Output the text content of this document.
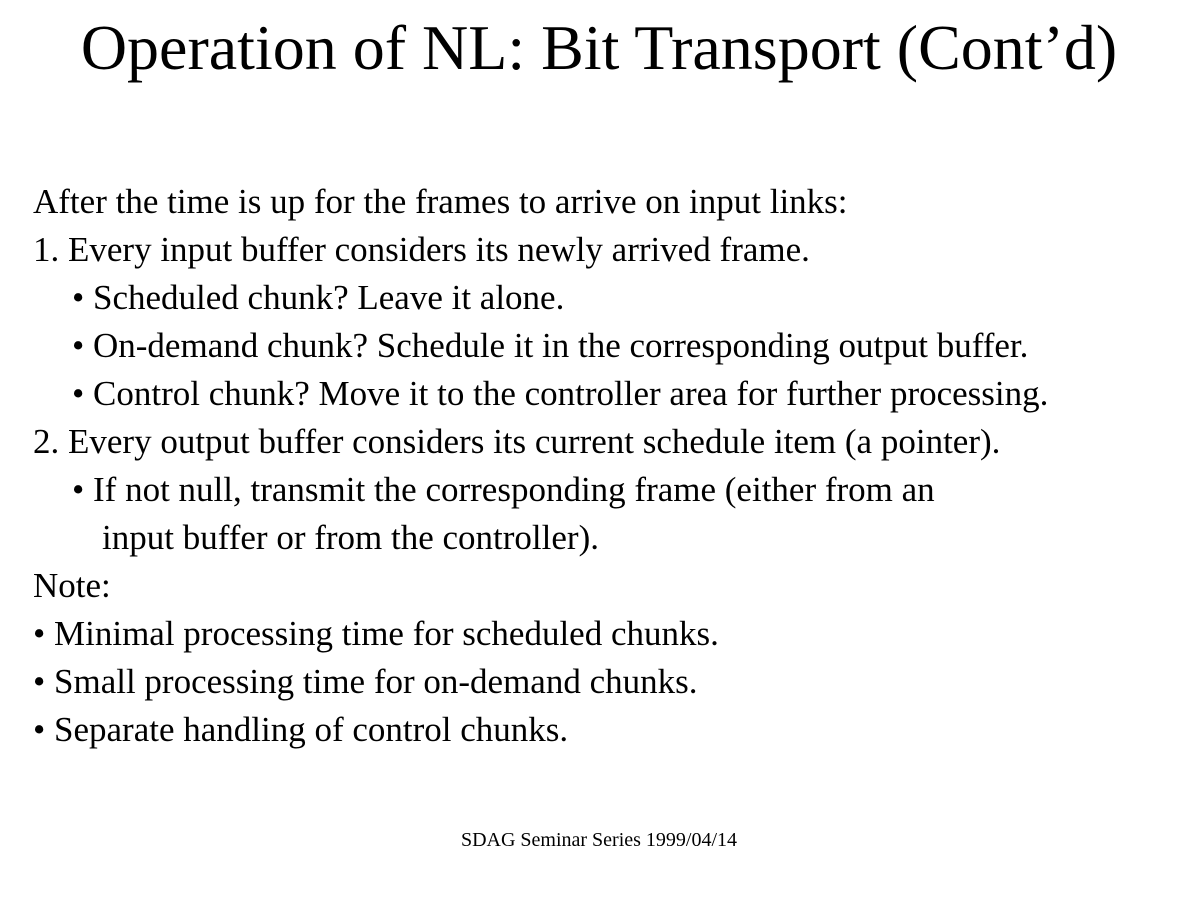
Operation of NL: Bit Transport (Cont’d)
After the time is up for the frames to arrive on input links:
1. Every input buffer considers its newly arrived frame.
• Scheduled chunk? Leave it alone.
• On-demand chunk? Schedule it in the corresponding output buffer.
• Control chunk? Move it to the controller area for further processing.
2. Every output buffer considers its current schedule item (a pointer).
• If not null, transmit the corresponding frame (either from an
input buffer or from the controller).
Note:
• Minimal processing time for scheduled chunks.
• Small processing time for on-demand chunks.
• Separate handling of control chunks.
SDAG Seminar Series 1999/04/14
